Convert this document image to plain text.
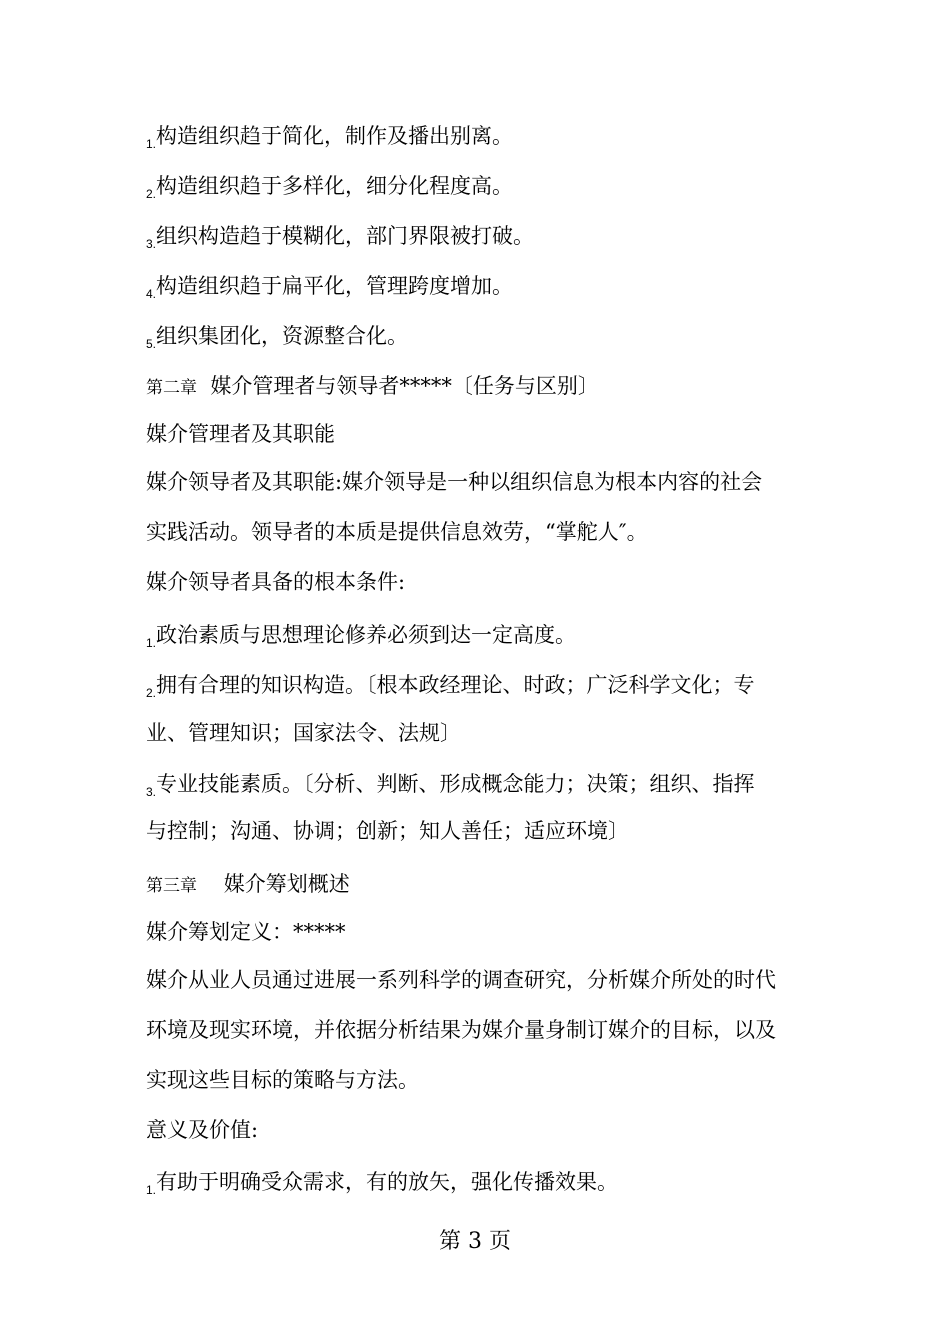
$_{1.}$构造组织趋于简化，制作及播出别离。
$_{2.}$构造组织趋于多样化，细分化程度高。
$_{3.}$组织构造趋于模糊化，部门界限被打破。
$_{4.}$构造组织趋于扁平化，管理跨度增加。
$_{5.}$组织集团化，资源整合化。
第二章 媒介管理者与领导者*****〔任务与区别〕
媒介管理者及其职能
媒介领导者及其职能:媒介领导是一种以组织信息为根本内容的社会
实践活动。领导者的本质是提供信息效劳，“掌舵人″。
媒介领导者具备的根本条件:
$_{1.}$政治素质与思想理论修养必须到达一定高度。
$_{2.}$拥有合理的知识构造。〔根本政经理论、时政；广泛科学文化；专
业、管理知识；国家法令、法规〕
$_{3.}$专业技能素质。〔分析、判断、形成概念能力；决策；组织、指挥
与控制；沟通、协调；创新；知人善任；适应环境〕
第三章 媒介筹划概述
媒介筹划定义：*****
媒介从业人员通过进展一系列科学的调查研究，分析媒介所处的时代
环境及现实环境，并依据分析结果为媒介量身制订媒介的目标，以及
实现这些目标的策略与方法。
意义及价值:
$_{1.}$有助于明确受众需求，有的放矢，强化传播效果。
第 3 页
